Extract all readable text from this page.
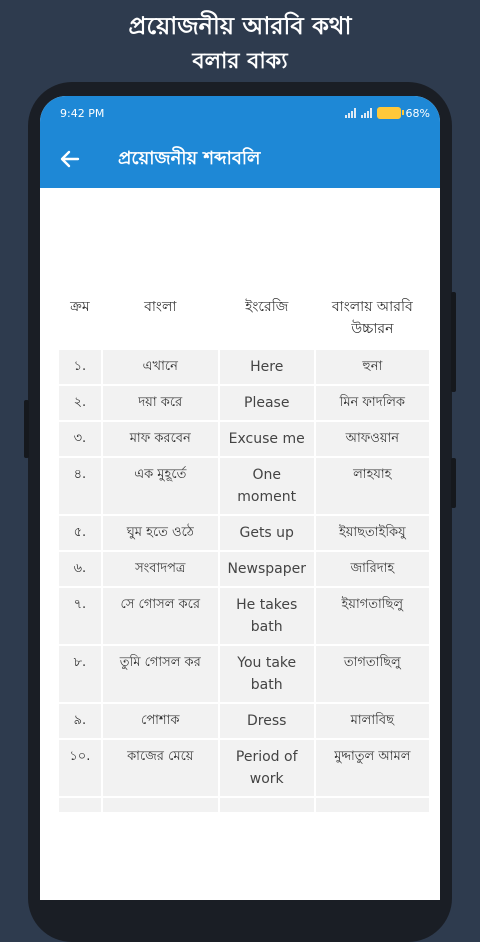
প্রয়োজনীয় আরবি কথা
বলার বাক্য
9:42 PM	68%
প্রয়োজনীয় শব্দাবলি
ক্রম	বাংলা	ইংরেজি	বাংলায় আরবি উচ্চারন
১.	এখানে	Here	হুনা
২.	দয়া করে	Please	মিন ফাদলিক
৩.	মাফ করবেন	Excuse me	আফওয়ান
৪.	এক মুহূর্তে	One moment	লাহযাহ
৫.	ঘুম হতে ওঠে	Gets up	ইয়াছতাইকিযু
৬.	সংবাদপত্র	Newspaper	জারিদাহ
৭.	সে গোসল করে	He takes bath	ইয়াগতাছিলু
৮.	তুমি গোসল কর	You take bath	তাগতাছিলু
৯.	পোশাক	Dress	মালাবিছ
১০.	কাজের মেয়ে	Period of work	মুদ্দাতুল আমল
